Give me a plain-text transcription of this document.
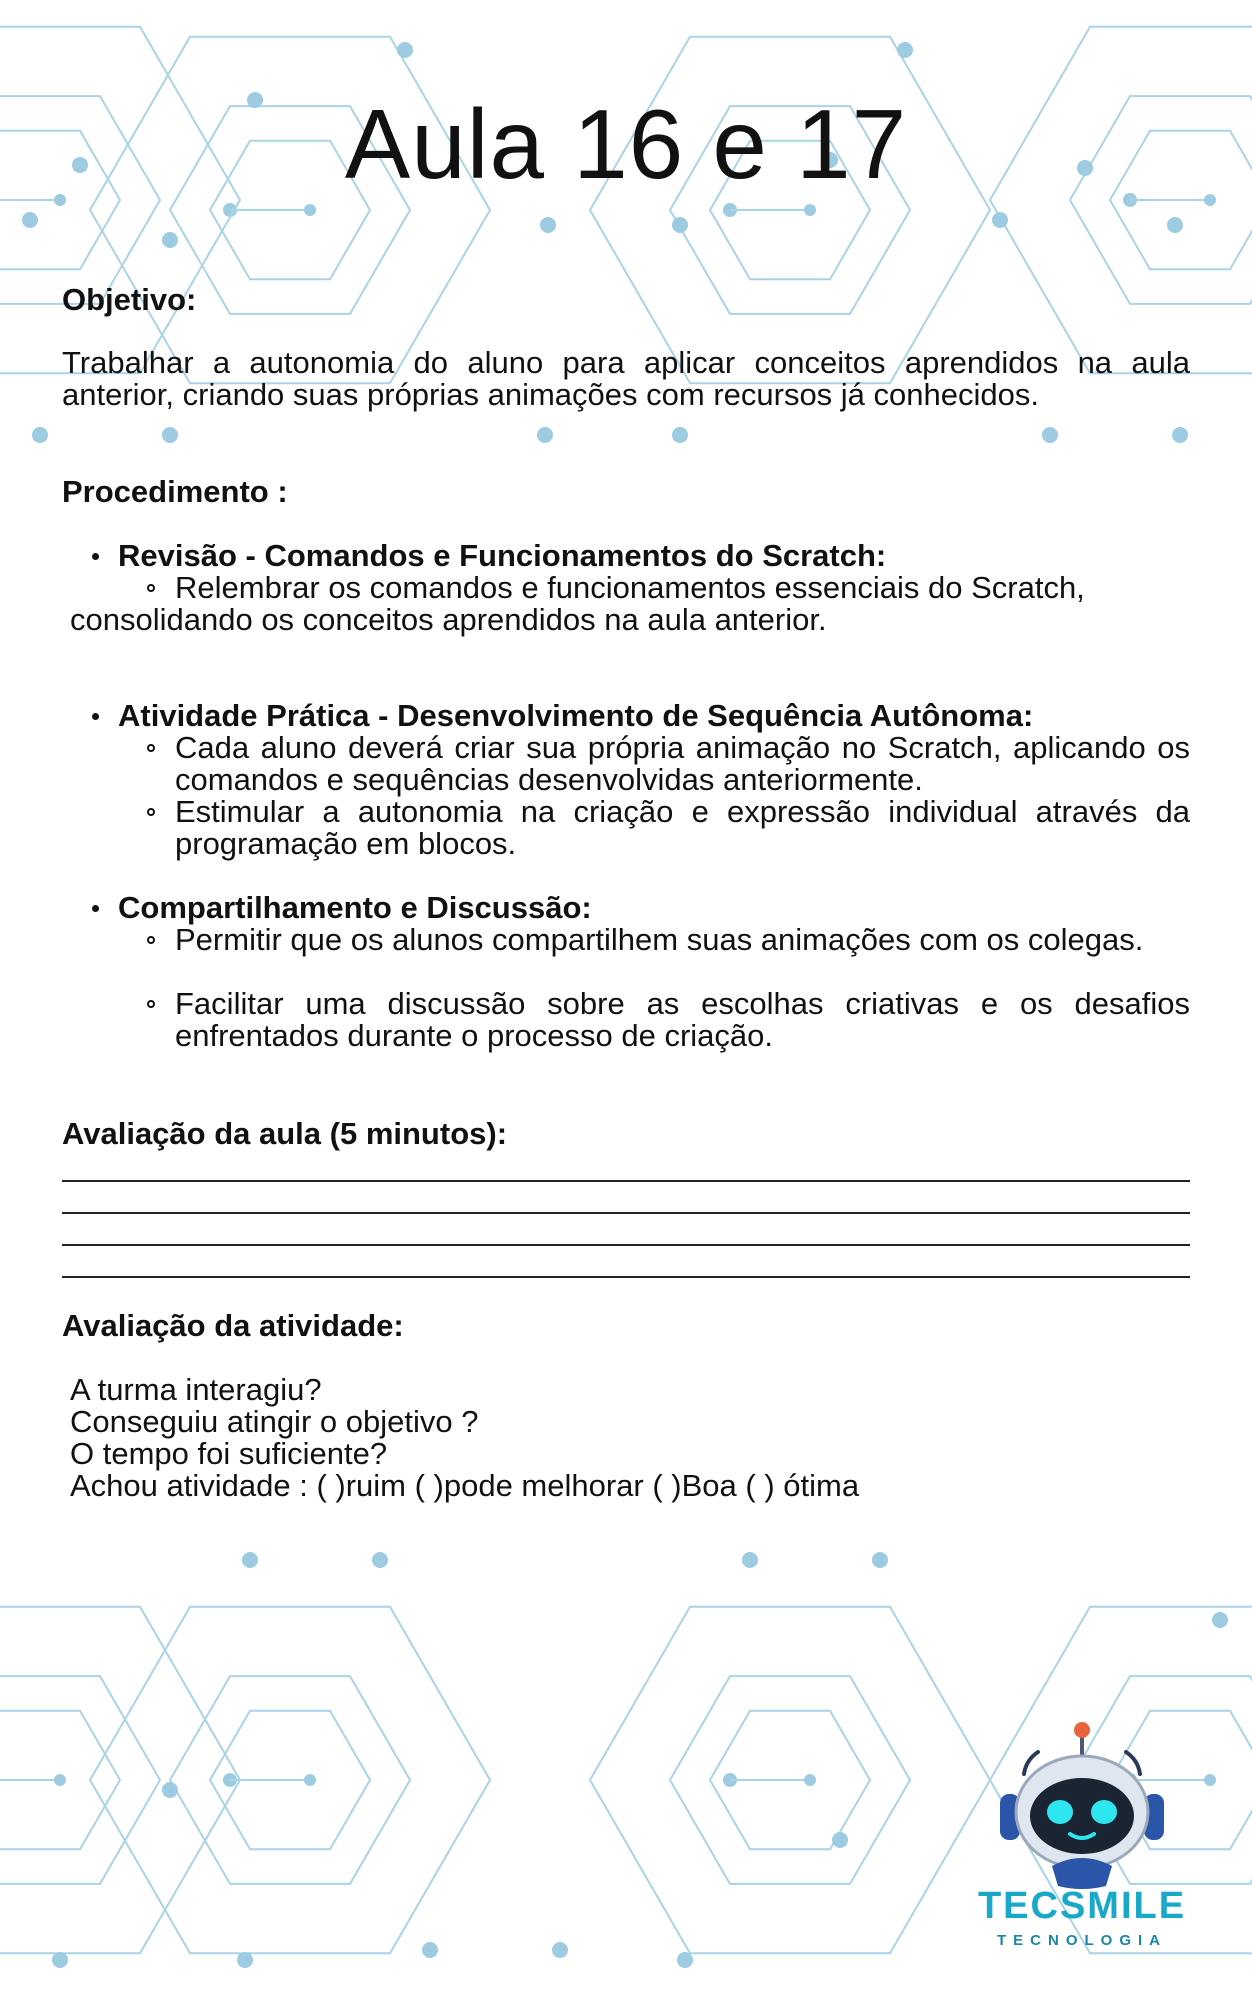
Aula 16 e 17
Objetivo:

Trabalhar a autonomia do aluno para aplicar conceitos aprendidos na aula anterior, criando suas próprias animações com recursos já conhecidos.

Procedimento :

Revisão - Comandos e Funcionamentos do Scratch:

Relembrar os comandos e funcionamentos essenciais do Scratch,

consolidando os conceitos aprendidos na aula anterior.

Atividade Prática - Desenvolvimento de Sequência Autônoma:

Cada aluno deverá criar sua própria animação no Scratch, aplicando os comandos e sequências desenvolvidas anteriormente.

Estimular a autonomia na criação e expressão individual através da programação em blocos.

Compartilhamento e Discussão:

Permitir que os alunos compartilhem suas animações com os colegas.

Facilitar uma discussão sobre as escolhas criativas e os desafios enfrentados durante o processo de criação.

Avaliação da aula (5 minutos):
Avaliação da atividade:

A turma interagiu?

Conseguiu atingir o objetivo ?

O tempo foi suficiente?

Achou atividade : ( )ruim ( )pode melhorar ( )Boa ( ) ótima

TECSMILE

TECNOLOGIA
